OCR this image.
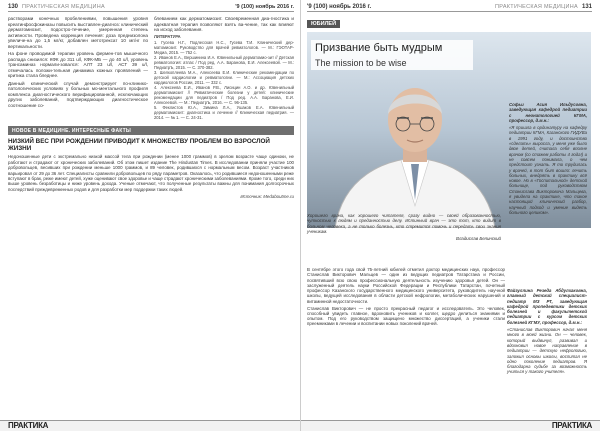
130 ПРАКТИЧЕСКАЯ МЕДИЦИНА	'9 (100) ноябрь 2016 г.

растворами конечных пробелениями, повышения уровня креатинфосфокиназы повысить выставлен-диагноз: клинический дерматомиозит, подостро-течение, умеренная степень активности. Проведена коррекция лечения: доза преднизолона увеличе-на до 1,5 мг/кг, добавлен метотрексат 10 мг/нг по вертикальности.

На фоне проводимой терапии уровень фермен-тов мышечного распада снизился: КФК до 311 u/l, КФК-МБ — до 40 u/l, уровень трансаминаз нормали-зовался: АЛТ 23 u/l, АСТ 39 u/l, отмечалась положи-тельная динамика кожных проявлений — критика стала бледнее.

Данный клинический случай демонстрирует по-клинико-патологических условиях у больных мо-ментального профиля комплекса диагностического верифицированной, исключающих других заболеваний, подтверждающих диагностическое соотношение со-

блеванием как дерматомиозит. Своевременная диа-гностика и адекватная терапия позволяют взять ва-чение, так как влияют на исход заболевания.

ЛИТЕРАТУРА
1. Гусева Н.Г., Подлесская Н.С., Гусева Т.И. Клинический дер-матомиозит. Руководство для врачей ревматологов. — М.: ГЭОТАР-Медиа, 2015. — 752 с.
2. Иванов Е.А., Вершинина И.А. Ювенильный дерматомио-зит // Детская ревматология: атлас / Под ред. А.А. Баранова, Е.И. Алексеевой. — М.: ПедиатрЪ, 2015. — С. 370-382.
3. Шелкоплеева М.А., Алексеева Е.И. Клинические рекомендации по детской кардиологии и ревматологии. — М.: Ассоциация детских кардиологов России, 2011. — 332 с.
4. Алексеева Е.И., Иванов Р.В., Лисицин А.О. и др. Ювенильный дерматомиозит // Ревматические болезни у детей: клинические рекомендации для педиатров / Под ред. А.А. Баранова, Е.И. Алексеевой. — М.: ПедиатрЪ, 2016. — С. 96-135.
5. Феклистов Ю.А., Зимина Л.А., Ушаков Е.А. Ювенильный дерматомиозит: диагностика и лечение // Клиническая педиатрия. — 2014. — № 1. — С. 24-31.
НОВОЕ В МЕДИЦИНЕ. ИНТЕРЕСНЫЕ ФАКТЫ
НИЗКИЙ ВЕС ПРИ РОЖДЕНИИ ПРИВОДИТ К МНОЖЕСТВУ ПРОБЛЕМ ВО ВЗРОСЛОЙ ЖИЗНИ
Недоношенные дети с экстремально низкой массой тела при рождении (менее 1000 граммов) в зрелом возрасте чаще одиноки, не работают и страдают от хронических заболеваний. Об этом пишет издание The Hindustan Times. В исследовании приняли участие 100 добровольцев, весивших при рождении меньше 1000 граммов, и 89 человек, родившихся с нормальным весом. Возраст участников варьировал от 29 до 36 лет. Специалисты сравнили добровольцев по ряду параметров. Оказалось, что родившиеся недоношенными реже вступают в брак, реже имеют детей, хуже оценивают свое здоровье и чаще страдают хроническими заболеваниями. Кроме того, среди них выше уровень безработицы и ниже уровень дохода. Ученые отмечают, что полученные результаты важны для понимания долгосрочных последствий преждевременных родов и для разработки мер поддержки таких людей.
Источник: Medaboutme.ru
ПРАКТИКА
'9 (100) ноябрь 2016 г.	ПРАКТИЧЕСКАЯ МЕДИЦИНА 131
ЮБИЛЕЙ
Призвание быть мудрым
The mission to be wise
Софьи Асия Ильдусовна, заведующая кафедрой педиатрии с неонатологией КГМА, профессор, д.м.н.:
«Я пришла в ординатуру на кафедру педиатрии КГМА, Казанского ГИДУВа в 1991 году, и достоинство «сделать» выросла, у меня уже было двое детей, считала себя вполне врачом (со стажем работы 4 года!) и не совсем понимала, о чем предстоит узнать. Я то трудилась у врачей, в тот быт вошло: лечить больных, внедрять в практику всё новое. Но в «Госпитальной» детской больнице, под руководством Станислава Викторовича Мальцева, я увидела на практике, что такое настоящий клинический разбор, научный подход и умение видеть больного целиком».
Хорошего врача, как хорошего читателя, сразу видно — своей образованностью, чуткостью к людям и преданностью делу. Истинный врач — это тот, кто видит в больном человека, а не только болезнь, кто стремится помочь и передать свои знания ученикам.
Владислав Белинский

В сентябре этого года свой 75-летний юбилей отметил доктор медицинских наук, профессор Станислав Викторович Мальцев — один из ведущих педиатров Татарстана и России, посвятивший всю свою профессиональную деятельность изучению здоровья детей. Он — заслуженный деятель науки Российской Федерации и Республики Татарстан, почетный профессор Казанского государственного медицинского университета, руководитель научной школы, ведущей исследования в области детской нефрологии, метаболических нарушений и витаминной недостаточности.

Станислав Викторович — не просто прекрасный педагог и исследователь. Это человек, способный увидеть главное, вдохновить учеников и коллег, щедро делиться знаниями и опытом. Под его руководством защищено множество диссертаций, а ученики стали преемниками в лечении и воспитании новых поколений врачей.

Файзуллина Резеда Абдулхаковна, главный детский специалист-педиатр МЗ РТ, заведующая кафедрой пропедевтики детских болезней и факультетской педиатрии с курсом детских болезней КГМУ, профессор, д.м.н.:
«Станислав Викторович начал меня много в моей жизни. Он — человек, который выдвинул, развивал и вдохновил новое направление в педиатрии — детскую нефрологию, заложил основы школы, воспитал не одно поколение педиатров. Я благодарна судьбе за возможность учиться у такого учителя».
ПРАКТИКА
